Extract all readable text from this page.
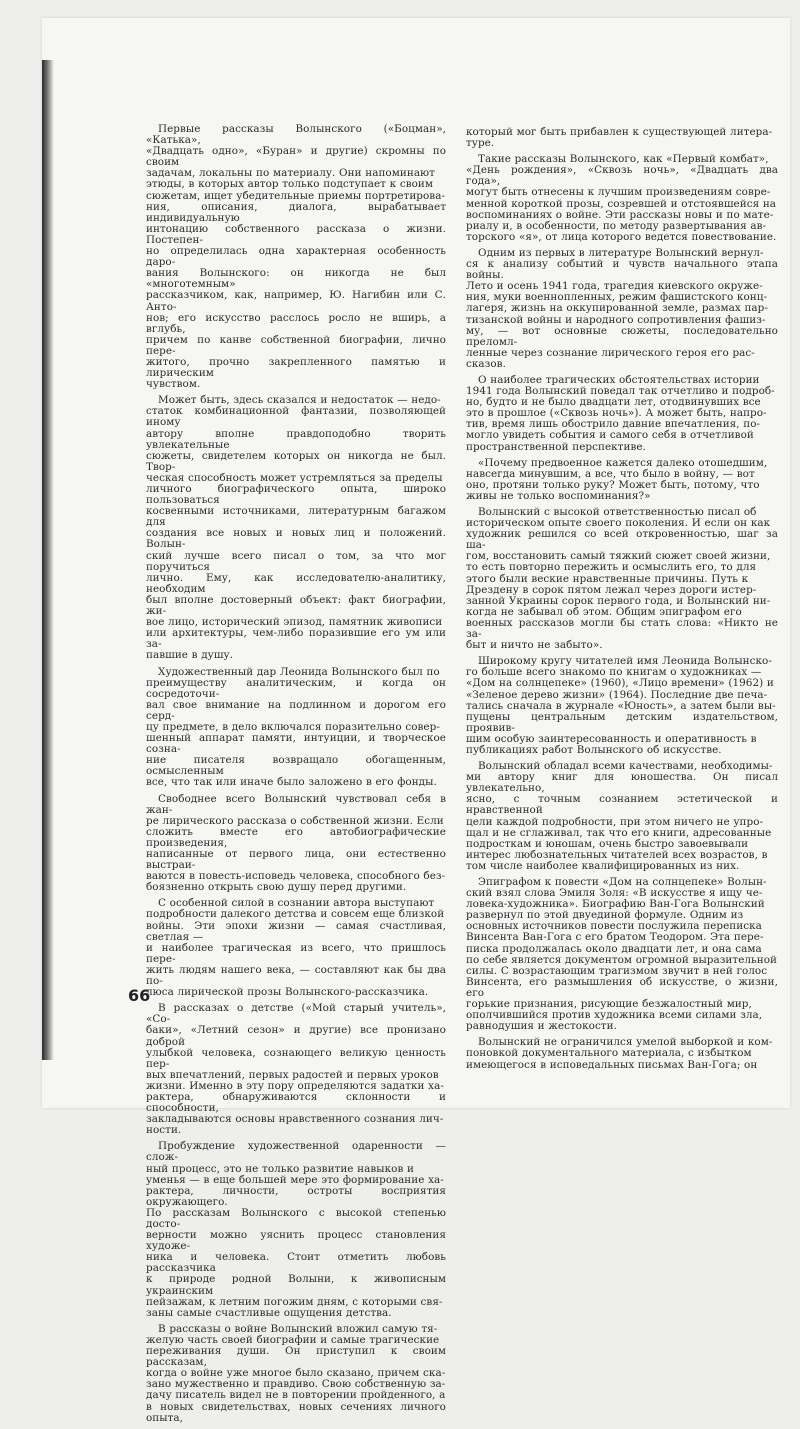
Первые рассказы Волынского («Боцман», «Катька»,
«Двадцать одно», «Буран» и другие) скромны по своим
задачам, локальны по материалу. Они напоминают
этюды, в которых автор только подступает к своим
сюжетам, ищет убедительные приемы портретирова-
ния, описания, диалога, вырабатывает индивидуальную
интонацию собственного рассказа о жизни. Постепен-
но определилась одна характерная особенность даро-
вания Волынского: он никогда не был «многотемным»
рассказчиком, как, например, Ю. Нагибин или С. Анто-
нов; его искусство расслось росло не вширь, а вглубь,
причем по канве собственной биографии, лично пере-
житого, прочно закрепленного памятью и лирическим
чувством.

Может быть, здесь сказался и недостаток — недо-
статок комбинационной фантазии, позволяющей иному
автору вполне правдоподобно творить увлекательные
сюжеты, свидетелем которых он никогда не был. Твор-
ческая способность может устремляться за пределы
личного биографического опыта, широко пользоваться
косвенными источниками, литературным багажом для
создания все новых и новых лиц и положений. Волын-
ский лучше всего писал о том, за что мог поручиться
лично. Ему, как исследователю-аналитику, необходим
был вполне достоверный объект: факт биографии, жи-
вое лицо, исторический эпизод, памятник живописи
или архитектуры, чем-либо поразившие его ум или за-
павшие в душу.

Художественный дар Леонида Волынского был по
преимуществу аналитическим, и когда он сосредоточи-
вал свое внимание на подлинном и дорогом его серд-
цу предмете, в дело включался поразительно совер-
шенный аппарат памяти, интуиции, и творческое созна-
ние писателя возвращало обогащенным, осмысленным
все, что так или иначе было заложено в его фонды.

Свободнее всего Волынский чувствовал себя в жан-
ре лирического рассказа о собственной жизни. Если
сложить вместе его автобиографические произведения,
написанные от первого лица, они естественно выстраи-
ваются в повесть-исповедь человека, способного без-
боязненно открыть свою душу перед другими.

С особенной силой в сознании автора выступают
подробности далекого детства и совсем еще близкой
войны. Эти эпохи жизни — самая счастливая, светлая —
и наиболее трагическая из всего, что пришлось пере-
жить людям нашего века, — составляют как бы два по-
люса лирической прозы Волынского-рассказчика.

В рассказах о детстве («Мой старый учитель», «Со-
баки», «Летний сезон» и другие) все пронизано доброй
улыбкой человека, сознающего великую ценность пер-
вых впечатлений, первых радостей и первых уроков
жизни. Именно в эту пору определяются задатки ха-
рактера, обнаруживаются склонности и способности,
закладываются основы нравственного сознания лич-
ности.

Пробуждение художественной одаренности — слож-
ный процесс, это не только развитие навыков и
уменья — в еще большей мере это формирование ха-
рактера, личности, остроты восприятия окружающего.
По рассказам Волынского с высокой степенью досто-
верности можно уяснить процесс становления художе-
ника и человека. Стоит отметить любовь рассказчика
к природе родной Волыни, к живописным украинским
пейзажам, к летним погожим дням, с которыми свя-
заны самые счастливые ощущения детства.

В рассказы о войне Волынский вложил самую тя-
желую часть своей биографии и самые трагические
переживания души. Он приступил к своим рассказам,
когда о войне уже многое было сказано, причем ска-
зано мужественно и правдиво. Свою собственную за-
дачу писатель видел не в повторении пройденного, а
в новых свидетельствах, новых сечениях личного опыта,

который мог быть прибавлен к существующей литера-
туре.

Такие рассказы Волынского, как «Первый комбат»,
«День рождения», «Сквозь ночь», «Двадцать два года»,
могут быть отнесены к лучшим произведениям совре-
менной короткой прозы, созревшей и отстоявшейся на
воспоминаниях о войне. Эти рассказы новы и по мате-
риалу и, в особенности, по методу развертывания ав-
торского «я», от лица которого ведется повествование.

Одним из первых в литературе Волынский вернул-
ся к анализу событий и чувств начального этапа войны.
Лето и осень 1941 года, трагедия киевского окруже-
ния, муки военнопленных, режим фашистского конц-
лагеря, жизнь на оккупированной земле, размах пар-
тизанской войны и народного сопротивления фашиз-
му, — вот основные сюжеты, последовательно преломл-
ленные через сознание лирического героя его рас-
сказов.

О наиболее трагических обстоятельствах истории
1941 года Волынский поведал так отчетливо и подроб-
но, будто и не было двадцати лет, отодвинувших все
это в прошлое («Сквозь ночь»). А может быть, напро-
тив, время лишь обострило давние впечатления, по-
могло увидеть события и самого себя в отчетливой
пространственной перспективе.

«Почему предвоенное кажется далеко отошедшим,
навсегда минувшим, а все, что было в войну, — вот
оно, протяни только руку? Может быть, потому, что
живы не только воспоминания?»

Волынский с высокой ответственностью писал об
историческом опыте своего поколения. И если он как
художник решился со всей откровенностью, шаг за ша-
гом, восстановить самый тяжкий сюжет своей жизни,
то есть повторно пережить и осмыслить его, то для
этого были веские нравственные причины. Путь к
Дрездену в сорок пятом лежал через дороги истер-
занной Украины сорок первого года, и Волынский ни-
когда не забывал об этом. Общим эпиграфом его
военных рассказов могли бы стать слова: «Никто не за-
быт и ничто не забыто».

Широкому кругу читателей имя Леонида Волынско-
го больше всего знакомо по книгам о художниках —
«Дом на солнцепеке» (1960), «Лицо времени» (1962) и
«Зеленое дерево жизни» (1964). Последние две печа-
тались сначала в журнале «Юность», а затем были вы-
пущены центральным детским издательством, проявив-
шим особую заинтересованность и оперативность в
публикациях работ Волынского об искусстве.

Волынский обладал всеми качествами, необходимы-
ми автору книг для юношества. Он писал увлекательно,
ясно, с точным сознанием эстетической и нравственной
цели каждой подробности, при этом ничего не упро-
щал и не сглаживал, так что его книги, адресованные
подросткам и юношам, очень быстро завоевывали
интерес любознательных читателей всех возрастов, в
том числе наиболее квалифицированных из них.

Эпиграфом к повести «Дом на солнцепеке» Волын-
ский взял слова Эмиля Золя: «В искусстве я ищу че-
ловека-художника». Биографию Ван-Гога Волынский
развернул по этой двуединой формуле. Одним из
основных источников повести послужила переписка
Винсента Ван-Гога с его братом Теодором. Эта пере-
писка продолжалась около двадцати лет, и она сама
по себе является документом огромной выразительной
силы. С возрастающим трагизмом звучит в ней голос
Винсента, его размышления об искусстве, о жизни, его
горькие признания, рисующие безжалостный мир,
ополчившийся против художника всеми силами зла,
равнодушия и жестокости.

Волынский не ограничился умелой выборкой и ком-
поновкой документального материала, с избытком
имеющегося в исповедальных письмах Ван-Гога; он

66
